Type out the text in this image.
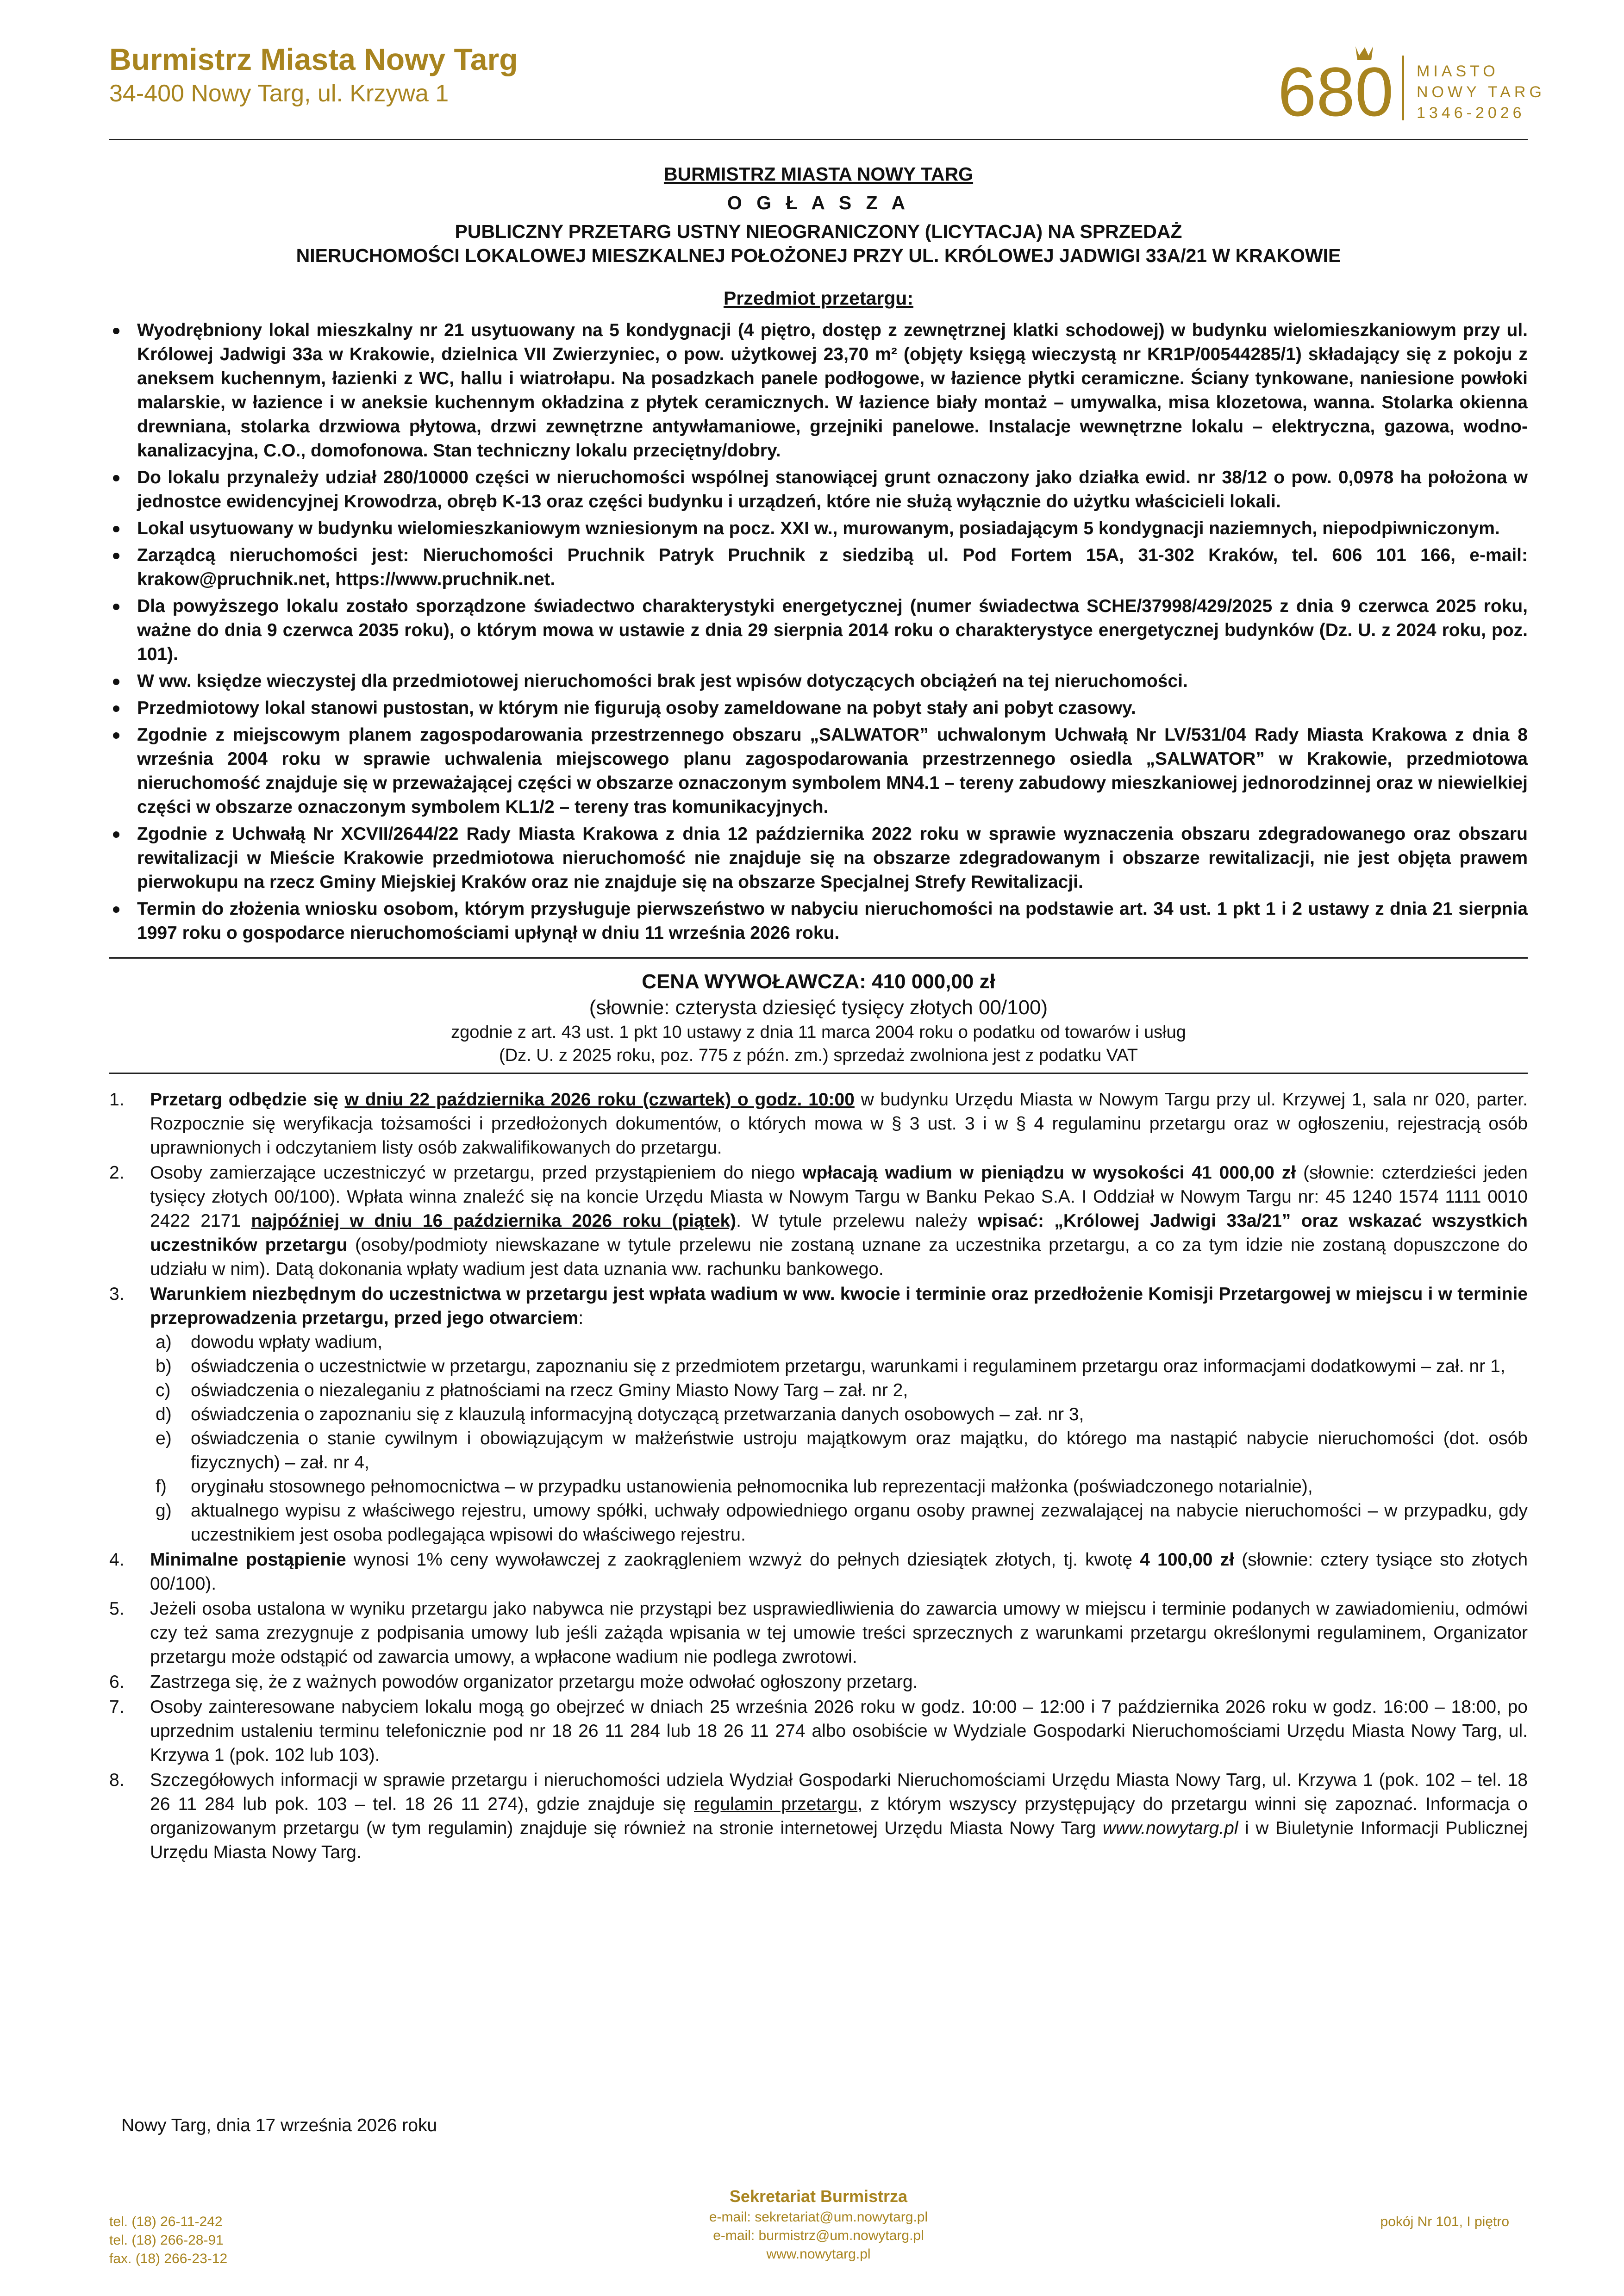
Burmistrz Miasta Nowy Targ
34-400 Nowy Targ, ul. Krzywa 1	680 MIASTO
NOWY TARG
1346-2026
BURMISTRZ MIASTA NOWY TARG
O G Ł A S Z A
PUBLICZNY PRZETARG USTNY NIEOGRANICZONY (LICYTACJA) NA SPRZEDAŻ
NIERUCHOMOŚCI LOKALOWEJ MIESZKALNEJ POŁOŻONEJ PRZY UL. KRÓLOWEJ JADWIGI 33A/21 W KRAKOWIE
Przedmiot przetargu:
Wyodrębniony lokal mieszkalny nr 21 usytuowany na 5 kondygnacji (4 piętro, dostęp z zewnętrznej klatki schodowej) w budynku wielomieszkaniowym przy ul. Królowej Jadwigi 33a w Krakowie, dzielnica VII Zwierzyniec, o pow. użytkowej 23,70 m² (objęty księgą wieczystą nr KR1P/00544285/1) składający się z pokoju z aneksem kuchennym, łazienki z WC, hallu i wiatrołapu. Na posadzkach panele podłogowe, w łazience płytki ceramiczne. Ściany tynkowane, naniesione powłoki malarskie, w łazience i w aneksie kuchennym okładzina z płytek ceramicznych. W łazience biały montaż – umywalka, misa klozetowa, wanna. Stolarka okienna drewniana, stolarka drzwiowa płytowa, drzwi zewnętrzne antywłamaniowe, grzejniki panelowe. Instalacje wewnętrzne lokalu – elektryczna, gazowa, wodno-kanalizacyjna, C.O., domofonowa. Stan techniczny lokalu przeciętny/dobry.
Do lokalu przynależy udział 280/10000 części w nieruchomości wspólnej stanowiącej grunt oznaczony jako działka ewid. nr 38/12 o pow. 0,0978 ha położona w jednostce ewidencyjnej Krowodrza, obręb K-13 oraz części budynku i urządzeń, które nie służą wyłącznie do użytku właścicieli lokali.
Lokal usytuowany w budynku wielomieszkaniowym wzniesionym na pocz. XXI w., murowanym, posiadającym 5 kondygnacji naziemnych, niepodpiwniczonym.
Zarządcą nieruchomości jest: Nieruchomości Pruchnik Patryk Pruchnik z siedzibą ul. Pod Fortem 15A, 31-302 Kraków, tel. 606 101 166, e-mail: krakow@pruchnik.net, https://www.pruchnik.net.
Dla powyższego lokalu zostało sporządzone świadectwo charakterystyki energetycznej (numer świadectwa SCHE/37998/429/2025 z dnia 9 czerwca 2025 roku, ważne do dnia 9 czerwca 2035 roku), o którym mowa w ustawie z dnia 29 sierpnia 2014 roku o charakterystyce energetycznej budynków (Dz. U. z 2024 roku, poz. 101).
W ww. księdze wieczystej dla przedmiotowej nieruchomości brak jest wpisów dotyczących obciążeń na tej nieruchomości.
Przedmiotowy lokal stanowi pustostan, w którym nie figurują osoby zameldowane na pobyt stały ani pobyt czasowy.
Zgodnie z miejscowym planem zagospodarowania przestrzennego obszaru „SALWATOR” uchwalonym Uchwałą Nr LV/531/04 Rady Miasta Krakowa z dnia 8 września 2004 roku w sprawie uchwalenia miejscowego planu zagospodarowania przestrzennego osiedla „SALWATOR” w Krakowie, przedmiotowa nieruchomość znajduje się w przeważającej części w obszarze oznaczonym symbolem MN4.1 – tereny zabudowy mieszkaniowej jednorodzinnej oraz w niewielkiej części w obszarze oznaczonym symbolem KL1/2 – tereny tras komunikacyjnych.
Zgodnie z Uchwałą Nr XCVII/2644/22 Rady Miasta Krakowa z dnia 12 października 2022 roku w sprawie wyznaczenia obszaru zdegradowanego oraz obszaru rewitalizacji w Mieście Krakowie przedmiotowa nieruchomość nie znajduje się na obszarze zdegradowanym i obszarze rewitalizacji, nie jest objęta prawem pierwokupu na rzecz Gminy Miejskiej Kraków oraz nie znajduje się na obszarze Specjalnej Strefy Rewitalizacji.
Termin do złożenia wniosku osobom, którym przysługuje pierwszeństwo w nabyciu nieruchomości na podstawie art. 34 ust. 1 pkt 1 i 2 ustawy z dnia 21 sierpnia 1997 roku o gospodarce nieruchomościami upłynął w dniu 11 września 2026 roku.
CENA WYWOŁAWCZA: 410 000,00 zł
(słownie: czterysta dziesięć tysięcy złotych 00/100)
zgodnie z art. 43 ust. 1 pkt 10 ustawy z dnia 11 marca 2004 roku o podatku od towarów i usług
(Dz. U. z 2025 roku, poz. 775 z późn. zm.) sprzedaż zwolniona jest z podatku VAT
1.	Przetarg odbędzie się w dniu 22 października 2026 roku (czwartek) o godz. 10:00 w budynku Urzędu Miasta w Nowym Targu przy ul. Krzywej 1, sala nr 020, parter. Rozpocznie się weryfikacja tożsamości i przedłożonych dokumentów, o których mowa w § 3 ust. 3 i w § 4 regulaminu przetargu oraz w ogłoszeniu, rejestracją osób uprawnionych i odczytaniem listy osób zakwalifikowanych do przetargu.
2.	Osoby zamierzające uczestniczyć w przetargu, przed przystąpieniem do niego wpłacają wadium w pieniądzu w wysokości 41 000,00 zł (słownie: czterdzieści jeden tysięcy złotych 00/100). Wpłata winna znaleźć się na koncie Urzędu Miasta w Nowym Targu w Banku Pekao S.A. I Oddział w Nowym Targu nr: 45 1240 1574 1111 0010 2422 2171 najpóźniej w dniu 16 października 2026 roku (piątek). W tytule przelewu należy wpisać: „Królowej Jadwigi 33a/21” oraz wskazać wszystkich uczestników przetargu (osoby/podmioty niewskazane w tytule przelewu nie zostaną uznane za uczestnika przetargu, a co za tym idzie nie zostaną dopuszczone do udziału w nim). Datą dokonania wpłaty wadium jest data uznania ww. rachunku bankowego.
3.	Warunkiem niezbędnym do uczestnictwa w przetargu jest wpłata wadium w ww. kwocie i terminie oraz przedłożenie Komisji Przetargowej w miejscu i w terminie przeprowadzenia przetargu, przed jego otwarciem:
a) dowodu wpłaty wadium,
b) oświadczenia o uczestnictwie w przetargu, zapoznaniu się z przedmiotem przetargu, warunkami i regulaminem przetargu oraz informacjami dodatkowymi – zał. nr 1,
c) oświadczenia o niezaleganiu z płatnościami na rzecz Gminy Miasto Nowy Targ – zał. nr 2,
d) oświadczenia o zapoznaniu się z klauzulą informacyjną dotyczącą przetwarzania danych osobowych – zał. nr 3,
e) oświadczenia o stanie cywilnym i obowiązującym w małżeństwie ustroju majątkowym oraz majątku, do którego ma nastąpić nabycie nieruchomości (dot. osób fizycznych) – zał. nr 4,
f) oryginału stosownego pełnomocnictwa – w przypadku ustanowienia pełnomocnika lub reprezentacji małżonka (poświadczonego notarialnie),
g) aktualnego wypisu z właściwego rejestru, umowy spółki, uchwały odpowiedniego organu osoby prawnej zezwalającej na nabycie nieruchomości – w przypadku, gdy uczestnikiem jest osoba podlegająca wpisowi do właściwego rejestru.
4.	Minimalne postąpienie wynosi 1% ceny wywoławczej z zaokrągleniem wzwyż do pełnych dziesiątek złotych, tj. kwotę 4 100,00 zł (słownie: cztery tysiące sto złotych 00/100).
5.	Jeżeli osoba ustalona w wyniku przetargu jako nabywca nie przystąpi bez usprawiedliwienia do zawarcia umowy w miejscu i terminie podanych w zawiadomieniu, odmówi czy też sama zrezygnuje z podpisania umowy lub jeśli zażąda wpisania w tej umowie treści sprzecznych z warunkami przetargu określonymi regulaminem, Organizator przetargu może odstąpić od zawarcia umowy, a wpłacone wadium nie podlega zwrotowi.
6.	Zastrzega się, że z ważnych powodów organizator przetargu może odwołać ogłoszony przetarg.
7.	Osoby zainteresowane nabyciem lokalu mogą go obejrzeć w dniach 25 września 2026 roku w godz. 10:00 – 12:00 i 7 października 2026 roku w godz. 16:00 – 18:00, po uprzednim ustaleniu terminu telefonicznie pod nr 18 26 11 284 lub 18 26 11 274 albo osobiście w Wydziale Gospodarki Nieruchomościami Urzędu Miasta Nowy Targ, ul. Krzywa 1 (pok. 102 lub 103).
8.	Szczegółowych informacji w sprawie przetargu i nieruchomości udziela Wydział Gospodarki Nieruchomościami Urzędu Miasta Nowy Targ, ul. Krzywa 1 (pok. 102 – tel. 18 26 11 284 lub pok. 103 – tel. 18 26 11 274), gdzie znajduje się regulamin przetargu, z którym wszyscy przystępujący do przetargu winni się zapoznać. Informacja o organizowanym przetargu (w tym regulamin) znajduje się również na stronie internetowej Urzędu Miasta Nowy Targ www.nowytarg.pl i w Biuletynie Informacji Publicznej Urzędu Miasta Nowy Targ.
Nowy Targ, dnia 17 września 2026 roku
tel. (18) 26-11-242
tel. (18) 266-28-91
fax. (18) 266-23-12
Sekretariat Burmistrza
e-mail: sekretariat@um.nowytarg.pl
e-mail: burmistrz@um.nowytarg.pl
www.nowytarg.pl
pokój Nr 101, I piętro
